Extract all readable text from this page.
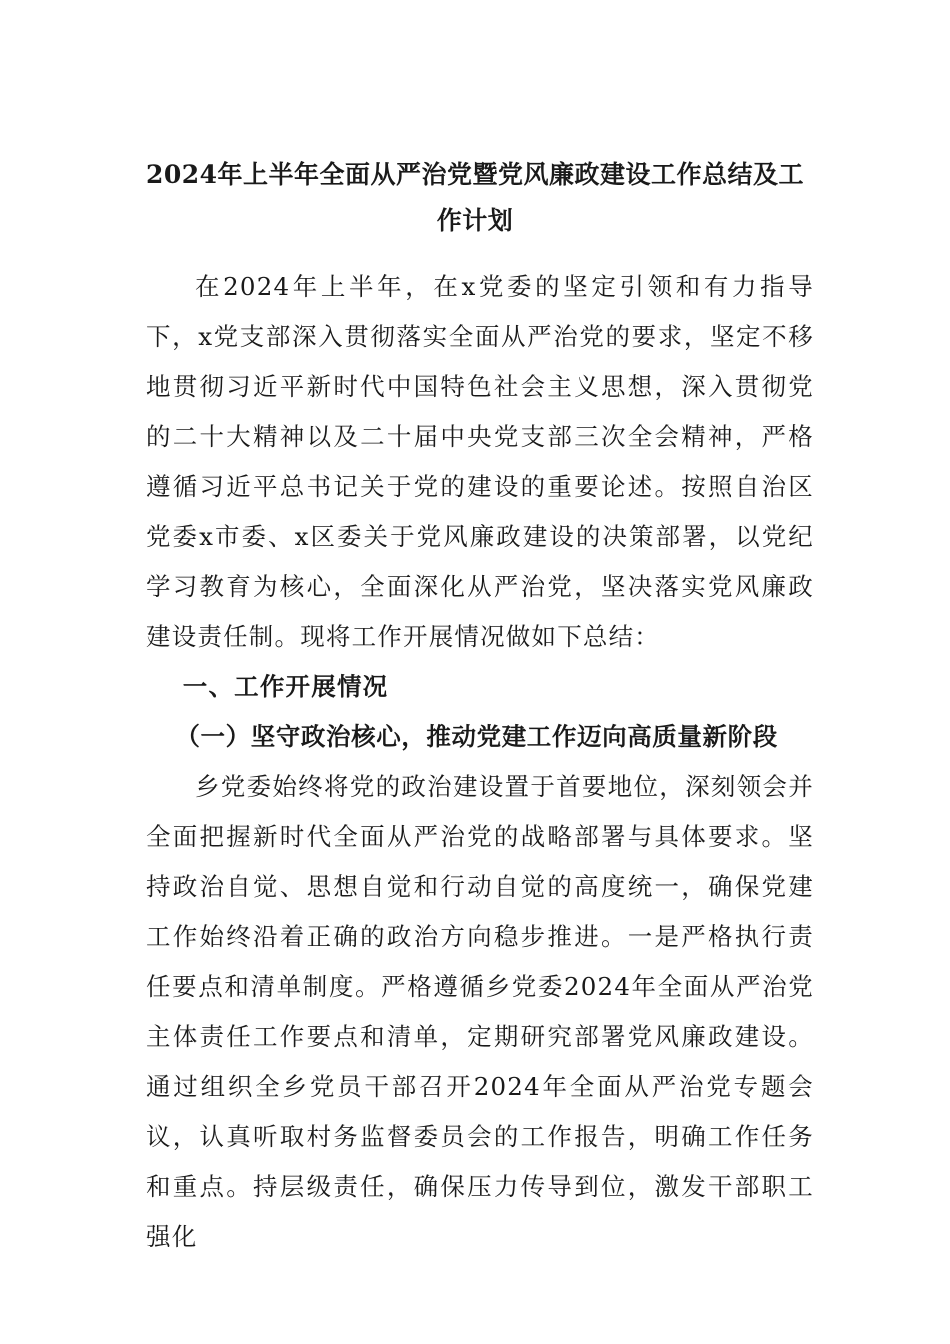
2024年上半年全面从严治党暨党风廉政建设工作总结及工作计划

在2024年上半年，在x党委的坚定引领和有力指导下，x党支部深入贯彻落实全面从严治党的要求，坚定不移地贯彻习近平新时代中国特色社会主义思想，深入贯彻党的二十大精神以及二十届中央党支部三次全会精神，严格遵循习近平总书记关于党的建设的重要论述。按照自治区党委x市委、x区委关于党风廉政建设的决策部署，以党纪学习教育为核心，全面深化从严治党，坚决落实党风廉政建设责任制。现将工作开展情况做如下总结：

一、工作开展情况
（一）坚守政治核心，推动党建工作迈向高质量新阶段

乡党委始终将党的政治建设置于首要地位，深刻领会并全面把握新时代全面从严治党的战略部署与具体要求。坚持政治自觉、思想自觉和行动自觉的高度统一，确保党建工作始终沿着正确的政治方向稳步推进。一是严格执行责任要点和清单制度。严格遵循乡党委2024年全面从严治党主体责任工作要点和清单，定期研究部署党风廉政建设。通过组织全乡党员干部召开2024年全面从严治党专题会议，认真听取村务监督委员会的工作报告，明确工作任务和重点。持层级责任，确保压力传导到位，激发干部职工强化
